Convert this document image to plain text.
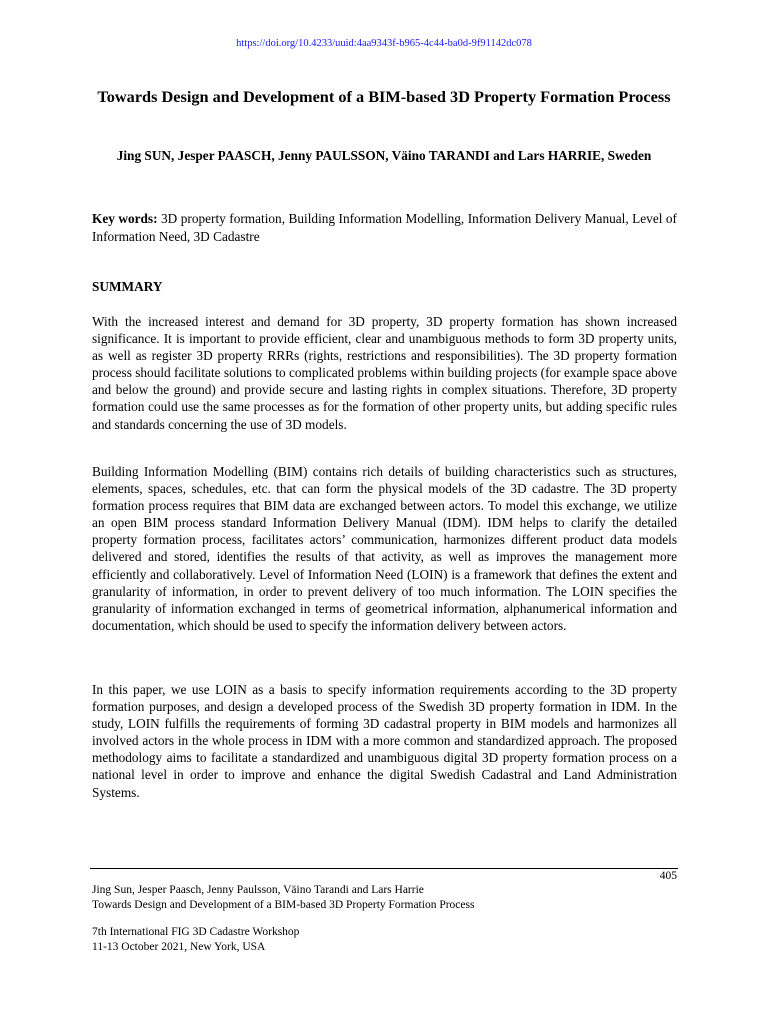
https://doi.org/10.4233/uuid:4aa9343f-b965-4c44-ba0d-9f91142dc078
Towards Design and Development of a BIM-based 3D Property Formation Process

Jing SUN, Jesper PAASCH, Jenny PAULSSON, Väino TARANDI and Lars HARRIE, Sweden

Key words: 3D property formation, Building Information Modelling, Information Delivery Manual, Level of Information Need, 3D Cadastre

SUMMARY

With the increased interest and demand for 3D property, 3D property formation has shown increased significance. It is important to provide efficient, clear and unambiguous methods to form 3D property units, as well as register 3D property RRRs (rights, restrictions and responsibilities). The 3D property formation process should facilitate solutions to complicated problems within building projects (for example space above and below the ground) and provide secure and lasting rights in complex situations. Therefore, 3D property formation could use the same processes as for the formation of other property units, but adding specific rules and standards concerning the use of 3D models.

Building Information Modelling (BIM) contains rich details of building characteristics such as structures, elements, spaces, schedules, etc. that can form the physical models of the 3D cadastre. The 3D property formation process requires that BIM data are exchanged between actors. To model this exchange, we utilize an open BIM process standard Information Delivery Manual (IDM). IDM helps to clarify the detailed property formation process, facilitates actors’ communication, harmonizes different product data models delivered and stored, identifies the results of that activity, as well as improves the management more efficiently and collaboratively. Level of Information Need (LOIN) is a framework that defines the extent and granularity of information, in order to prevent delivery of too much information. The LOIN specifies the granularity of information exchanged in terms of geometrical information, alphanumerical information and documentation, which should be used to specify the information delivery between actors.

In this paper, we use LOIN as a basis to specify information requirements according to the 3D property formation purposes, and design a developed process of the Swedish 3D property formation in IDM. In the study, LOIN fulfills the requirements of forming 3D cadastral property in BIM models and harmonizes all involved actors in the whole process in IDM with a more common and standardized approach. The proposed methodology aims to facilitate a standardized and unambiguous digital 3D property formation process on a national level in order to improve and enhance the digital Swedish Cadastral and Land Administration Systems.

405
Jing Sun, Jesper Paasch, Jenny Paulsson, Väino Tarandi and Lars Harrie
Towards Design and Development of a BIM-based 3D Property Formation Process
7th International FIG 3D Cadastre Workshop
11-13 October 2021, New York, USA
